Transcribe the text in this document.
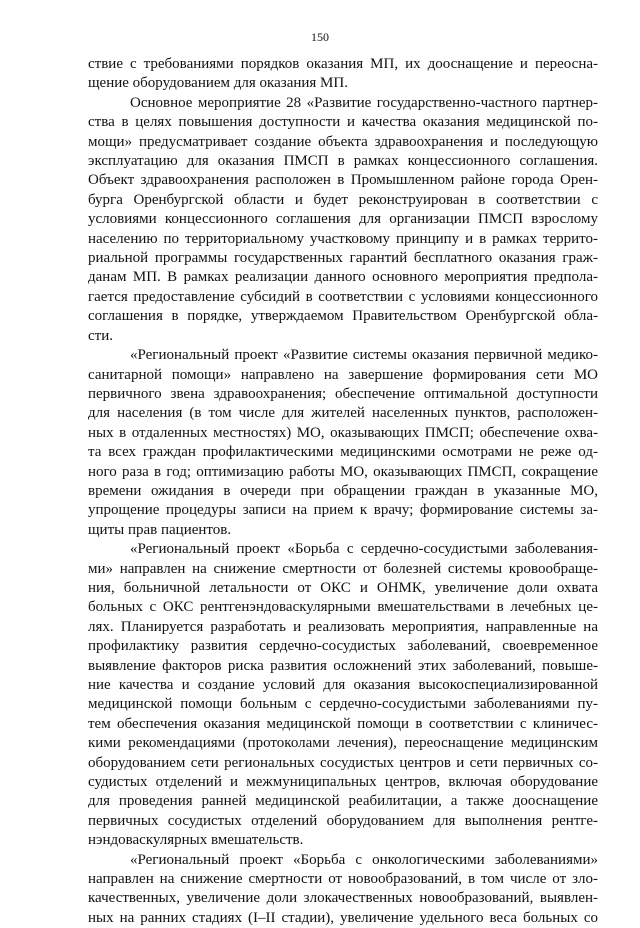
150
ствие с требованиями порядков оказания МП, их дооснащение и переосна-
щение оборудованием для оказания МП.
Основное мероприятие 28 «Развитие государственно-частного партнер-
ства в целях повышения доступности и качества оказания медицинской по-
мощи» предусматривает создание объекта здравоохранения и последующую
эксплуатацию для оказания ПМСП в рамках концессионного соглашения.
Объект здравоохранения расположен в Промышленном районе города Орен-
бурга Оренбургской области и будет реконструирован в соответствии с
условиями концессионного соглашения для организации ПМСП взрослому
населению по территориальному участковому принципу и в рамках террито-
риальной программы государственных гарантий бесплатного оказания граж-
данам МП. В рамках реализации данного основного мероприятия предпола-
гается предоставление субсидий в соответствии с условиями концессионного
соглашения в порядке, утверждаемом Правительством Оренбургской обла-
сти.
«Региональный проект «Развитие системы оказания первичной медико-
санитарной помощи» направлено на завершение формирования сети МО
первичного звена здравоохранения; обеспечение оптимальной доступности
для населения (в том числе для жителей населенных пунктов, расположен-
ных в отдаленных местностях) МО, оказывающих ПМСП; обеспечение охва-
та всех граждан профилактическими медицинскими осмотрами не реже од-
ного раза в год; оптимизацию работы МО, оказывающих ПМСП, сокращение
времени ожидания в очереди при обращении граждан в указанные МО,
упрощение процедуры записи на прием к врачу; формирование системы за-
щиты прав пациентов.
«Региональный проект «Борьба с сердечно-сосудистыми заболевания-
ми» направлен на снижение смертности от болезней системы кровообраще-
ния, больничной летальности от ОКС и ОНМК, увеличение доли охвата
больных с ОКС рентгенэндоваскулярными вмешательствами в лечебных це-
лях. Планируется разработать и реализовать мероприятия, направленные на
профилактику развития сердечно-сосудистых заболеваний, своевременное
выявление факторов риска развития осложнений этих заболеваний, повыше-
ние качества и создание условий для оказания высокоспециализированной
медицинской помощи больным с сердечно-сосудистыми заболеваниями пу-
тем обеспечения оказания медицинской помощи в соответствии с клиничес-
кими рекомендациями (протоколами лечения), переоснащение медицинским
оборудованием сети региональных сосудистых центров и сети первичных со-
судистых отделений и межмуниципальных центров, включая оборудование
для проведения ранней медицинской реабилитации, а также дооснащение
первичных сосудистых отделений оборудованием для выполнения рентге-
нэндоваскулярных вмешательств.
«Региональный проект «Борьба с онкологическими заболеваниями»
направлен на снижение смертности от новообразований, в том числе от зло-
качественных, увеличение доли злокачественных новообразований, выявлен-
ных на ранних стадиях (I–II стадии), увеличение удельного веса больных со
